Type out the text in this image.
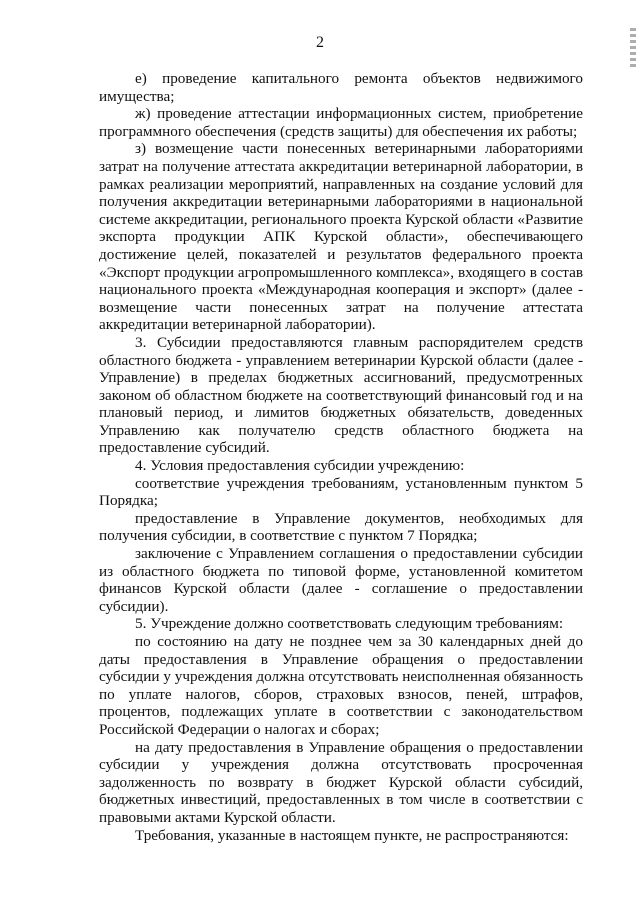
2

е) проведение капитального ремонта объектов недвижимого имущества;

ж) проведение аттестации информационных систем, приобретение программного обеспечения (средств защиты) для обеспечения их работы;

з) возмещение части понесенных ветеринарными лабораториями затрат на получение аттестата аккредитации ветеринарной лаборатории, в рамках реализации мероприятий, направленных на создание условий для получения аккредитации ветеринарными лабораториями в национальной системе аккредитации, регионального проекта Курской области «Развитие экспорта продукции АПК Курской области», обеспечивающего достижение целей, показателей и результатов федерального проекта «Экспорт продукции агропромышленного комплекса», входящего в состав национального проекта «Международная кооперация и экспорт» (далее - возмещение части понесенных затрат на получение аттестата аккредитации ветеринарной лаборатории).

3. Субсидии предоставляются главным распорядителем средств областного бюджета - управлением ветеринарии Курской области (далее - Управление) в пределах бюджетных ассигнований, предусмотренных законом об областном бюджете на соответствующий финансовый год и на плановый период, и лимитов бюджетных обязательств, доведенных Управлению как получателю средств областного бюджета на предоставление субсидий.

4. Условия предоставления субсидии учреждению:

соответствие учреждения требованиям, установленным пунктом 5 Порядка;

предоставление в Управление документов, необходимых для получения субсидии, в соответствие с пунктом 7 Порядка;

заключение с Управлением соглашения о предоставлении субсидии из областного бюджета по типовой форме, установленной комитетом финансов Курской области (далее - соглашение о предоставлении субсидии).

5. Учреждение должно соответствовать следующим требованиям:

по состоянию на дату не позднее чем за 30 календарных дней до даты предоставления в Управление обращения о предоставлении субсидии у учреждения должна отсутствовать неисполненная обязанность по уплате налогов, сборов, страховых взносов, пеней, штрафов, процентов, подлежащих уплате в соответствии с законодательством Российской Федерации о налогах и сборах;

на дату предоставления в Управление обращения о предоставлении субсидии у учреждения должна отсутствовать просроченная задолженность по возврату в бюджет Курской области субсидий, бюджетных инвестиций, предоставленных в том числе в соответствии с правовыми актами Курской области.

Требования, указанные в настоящем пункте, не распространяются:
